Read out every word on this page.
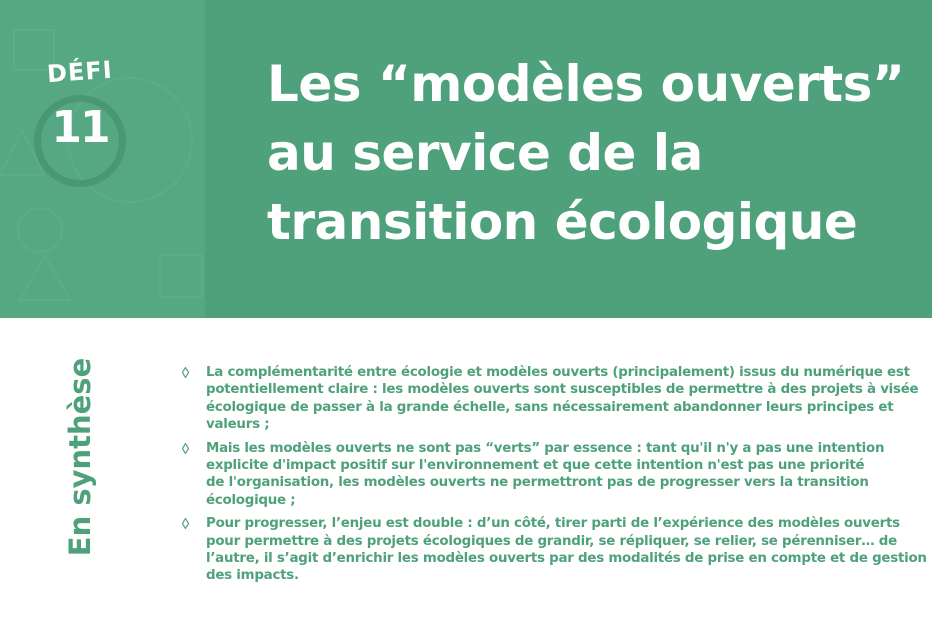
DÉFI
11
Les “modèles ouverts”
au service de la
transition écologique
En synthèse	La complémentarité entre écologie et modèles ouverts (principalement) issus du numérique est
potentiellement claire : les modèles ouverts sont susceptibles de permettre à des projets à visée
écologique de passer à la grande échelle, sans nécessairement abandonner leurs principes et
valeurs ;
Mais les modèles ouverts ne sont pas “verts” par essence : tant qu'il n'y a pas une intention
explicite d'impact positif sur l'environnement et que cette intention n'est pas une priorité
de l'organisation, les modèles ouverts ne permettront pas de progresser vers la transition
écologique ;
Pour progresser, l’enjeu est double : d’un côté, tirer parti de l’expérience des modèles ouverts
pour permettre à des projets écologiques de grandir, se répliquer, se relier, se pérenniser… de
l’autre, il s’agit d’enrichir les modèles ouverts par des modalités de prise en compte et de gestion
des impacts.
